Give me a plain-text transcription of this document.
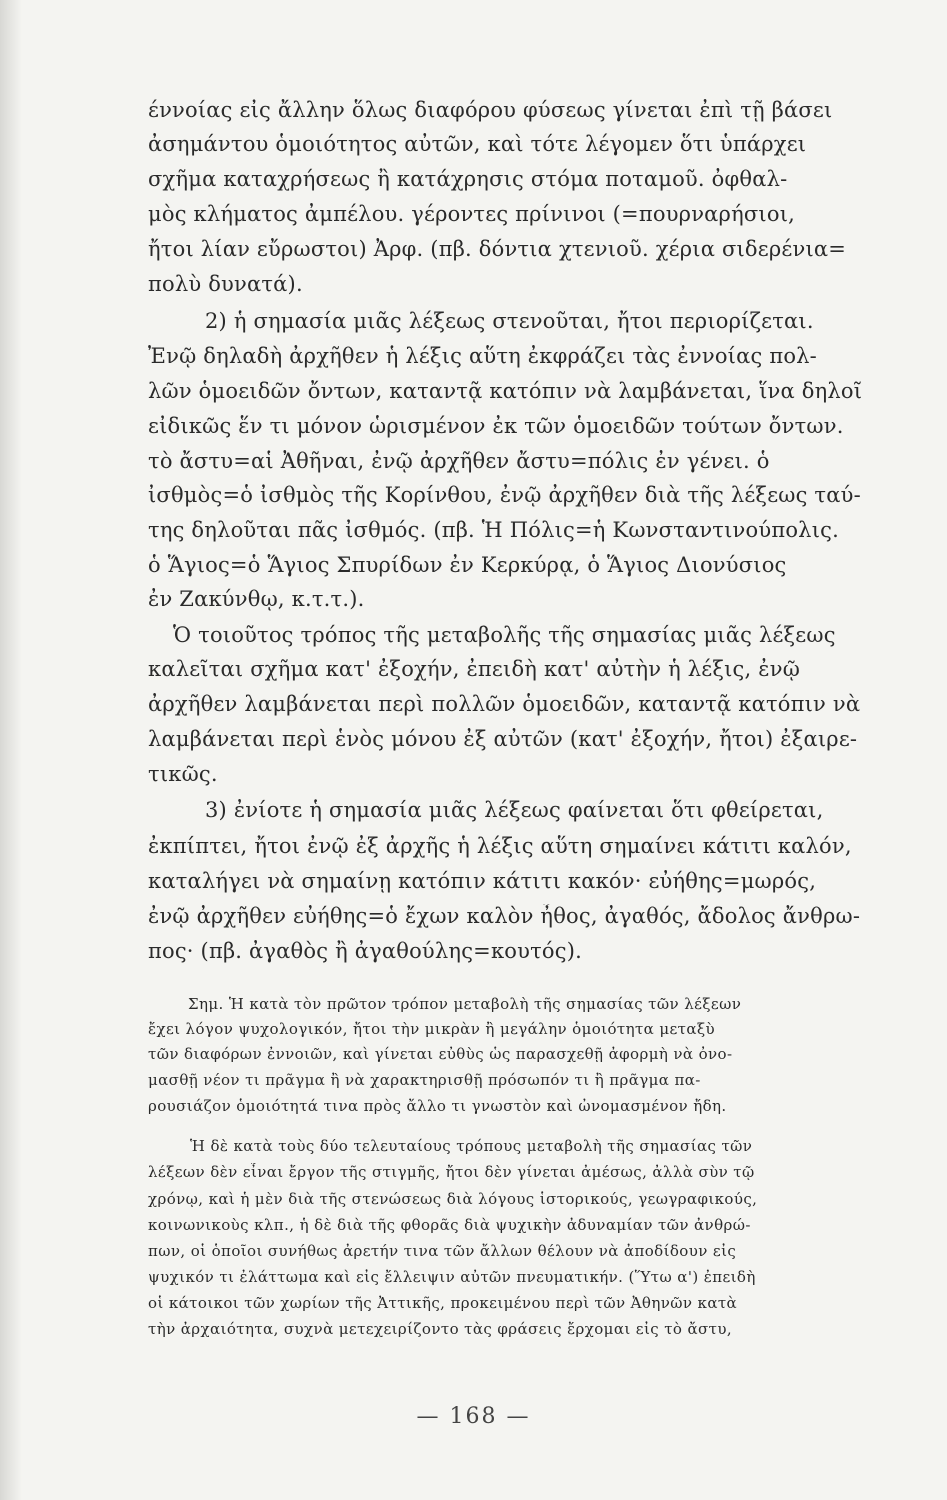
έννοίας εἰς ἄλλην ὅλως διαφόρου φύσεως γίνεται ἐπὶ τῇ βάσει
ἀσημάντου ὁμοιότητος αὐτῶν, καὶ τότε λέγομεν ὅτι ὑπάρχει
σχῆμα καταχρήσεως ἢ κατάχρησις στόμα ποταμοῦ. ὀφθαλ-
μὸς κλήματος ἀμπέλου. γέροντες πρίνινοι (=πουρναρήσιοι,
ἤτοι λίαν εὔρωστοι) Ἀρφ. (πβ. δόντια χτενιοῦ. χέρια σιδερένια=
πολὺ δυνατά).
2) ἡ σημασία μιᾶς λέξεως στενοῦται, ἤτοι περιορίζεται.
Ἐνῷ δηλαδὴ ἀρχῆθεν ἡ λέξις αὕτη ἐκφράζει τὰς ἐννοίας πολ-
λῶν ὁμοειδῶν ὄντων, καταντᾷ κατόπιν νὰ λαμβάνεται, ἵνα δηλοῖ
εἰδικῶς ἕν τι μόνον ὡρισμένον ἐκ τῶν ὁμοειδῶν τούτων ὄντων.
τὸ ἄστυ=αἱ Ἀθῆναι, ἐνῷ ἀρχῆθεν ἄστυ=πόλις ἐν γένει. ὁ
ἰσθμὸς=ὁ ἰσθμὸς τῆς Κορίνθου, ἐνῷ ἀρχῆθεν διὰ τῆς λέξεως ταύ-
της δηλοῦται πᾶς ἰσθμός. (πβ. Ἡ Πόλις=ἡ Κωνσταντινούπολις.
ὁ Ἅγιος=ὁ Ἅγιος Σπυρίδων ἐν Κερκύρᾳ, ὁ Ἅγιος Διονύσιος
ἐν Ζακύνθῳ, κ.τ.τ.).
Ὁ τοιοῦτος τρόπος τῆς μεταβολῆς τῆς σημασίας μιᾶς λέξεως
καλεῖται σχῆμα κατ' ἐξοχήν, ἐπειδὴ κατ' αὐτὴν ἡ λέξις, ἐνῷ
ἀρχῆθεν λαμβάνεται περὶ πολλῶν ὁμοειδῶν, καταντᾷ κατόπιν νὰ
λαμβάνεται περὶ ἑνὸς μόνου ἐξ αὐτῶν (κατ' ἐξοχήν, ἤτοι) ἐξαιρε-
τικῶς.
3) ἐνίοτε ἡ σημασία μιᾶς λέξεως φαίνεται ὅτι φθείρεται,
ἐκπίπτει, ἤτοι ἐνῷ ἐξ ἀρχῆς ἡ λέξις αὕτη σημαίνει κάτιτι καλόν,
καταλήγει νὰ σημαίνῃ κατόπιν κάτιτι κακόν· εὐήθης=μωρός,
ἐνῷ ἀρχῆθεν εὐήθης=ὁ ἔχων καλὸν ἦθος, ἀγαθός, ἄδολος ἄνθρω-
πος· (πβ. ἀγαθὸς ἢ ἀγαθούλης=κουτός).
Σημ. Ἡ κατὰ τὸν πρῶτον τρόπον μεταβολὴ τῆς σημασίας τῶν λέξεων
ἔχει λόγον ψυχολογικόν, ἤτοι τὴν μικρὰν ἢ μεγάλην ὁμοιότητα μεταξὺ
τῶν διαφόρων ἐννοιῶν, καὶ γίνεται εὐθὺς ὡς παρασχεθῇ ἀφορμὴ νὰ ὀνο-
μασθῇ νέον τι πρᾶγμα ἢ νὰ χαρακτηρισθῇ πρόσωπόν τι ἢ πρᾶγμα πα-
ρουσιάζον ὁμοιότητά τινα πρὸς ἄλλο τι γνωστὸν καὶ ὠνομασμένον ἤδη.
Ἡ δὲ κατὰ τοὺς δύο τελευταίους τρόπους μεταβολὴ τῆς σημασίας τῶν
λέξεων δὲν εἶναι ἔργον τῆς στιγμῆς, ἤτοι δὲν γίνεται ἀμέσως, ἀλλὰ σὺν τῷ
χρόνῳ, καὶ ἡ μὲν διὰ τῆς στενώσεως διὰ λόγους ἱστορικούς, γεωγραφικούς,
κοινωνικοὺς κλπ., ἡ δὲ διὰ τῆς φθορᾶς διὰ ψυχικὴν ἀδυναμίαν τῶν ἀνθρώ-
πων, οἱ ὁποῖοι συνήθως ἀρετήν τινα τῶν ἄλλων θέλουν νὰ ἀποδίδουν εἰς
ψυχικόν τι ἐλάττωμα καὶ εἰς ἔλλειψιν αὐτῶν πνευματικήν. (Ὕτω α') ἐπειδὴ
οἱ κάτοικοι τῶν χωρίων τῆς Ἀττικῆς, προκειμένου περὶ τῶν Ἀθηνῶν κατὰ
τὴν ἀρχαιότητα, συχνὰ μετεχειρίζοντο τὰς φράσεις ἔρχομαι εἰς τὸ ἄστυ,
— 168 —
